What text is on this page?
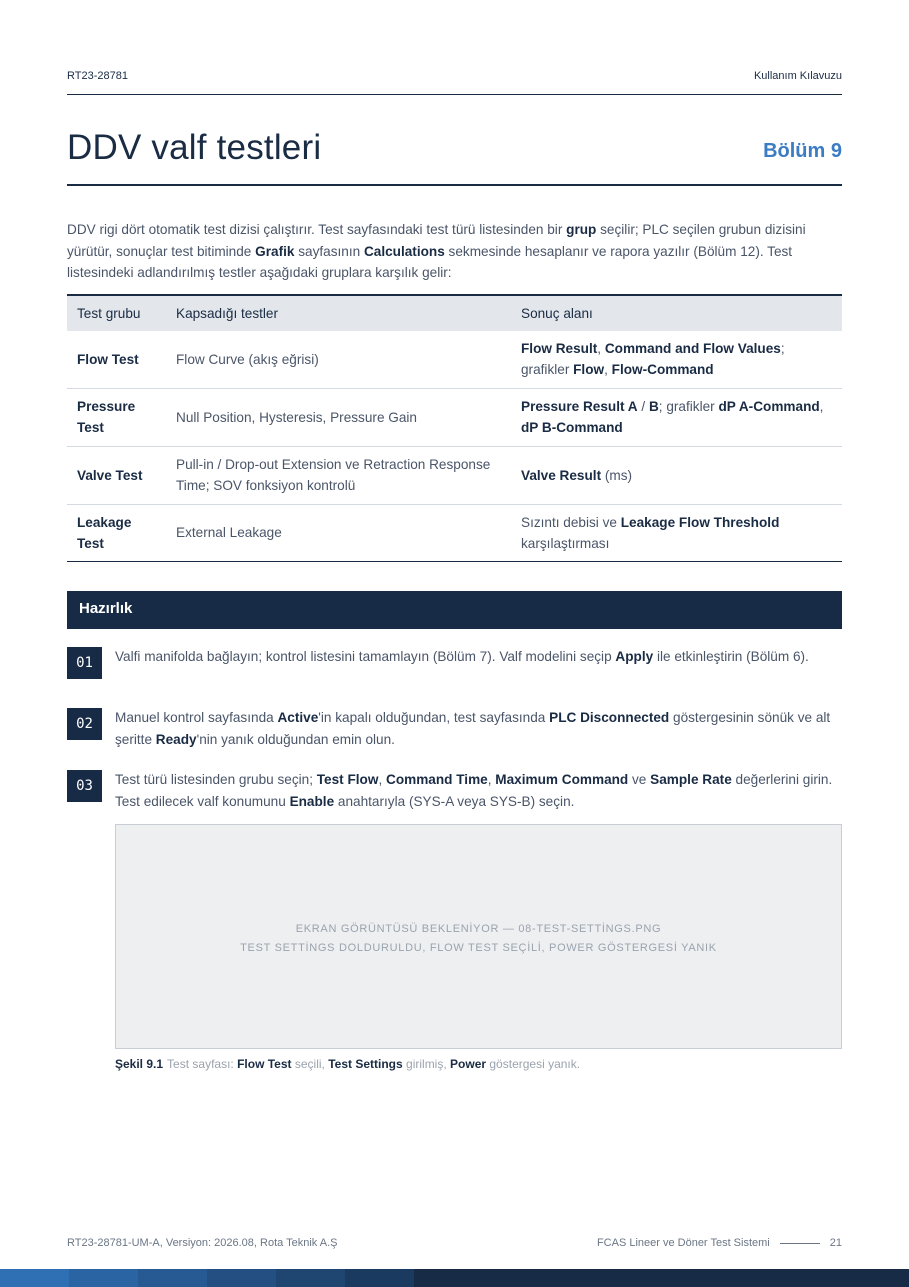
RT23-28781	Kullanım Kılavuzu
DDV valf testleri	Bölüm 9

DDV rigi dört otomatik test dizisi çalıştırır. Test sayfasındaki test türü listesinden bir grup seçilir; PLC seçilen grubun dizisini yürütür, sonuçlar test bitiminde Grafik sayfasının Calculations sekmesinde hesaplanır ve rapora yazılır (Bölüm 12). Test listesindeki adlandırılmış testler aşağıdaki gruplara karşılık gelir:

Test grubu	Kapsadığı testler	Sonuç alanı
Flow Test	Flow Curve (akış eğrisi)	Flow Result, Command and Flow Values; grafikler Flow, Flow-Command
Pressure Test	Null Position, Hysteresis, Pressure Gain	Pressure Result A / B; grafikler dP A-Command, dP B-Command
Valve Test	Pull-in / Drop-out Extension ve Retraction Response Time; SOV fonksiyon kontrolü	Valve Result (ms)
Leakage Test	External Leakage	Sızıntı debisi ve Leakage Flow Threshold karşılaştırması
Hazırlık
01	Valfi manifolda bağlayın; kontrol listesini tamamlayın (Bölüm 7). Valf modelini seçip Apply ile etkinleştirin (Bölüm 6).

02	Manuel kontrol sayfasında Active'in kapalı olduğundan, test sayfasında PLC Disconnected göstergesinin sönük ve alt şeritte Ready'nin yanık olduğundan emin olun.

03	Test türü listesinden grubu seçin; Test Flow, Command Time, Maximum Command ve Sample Rate değerlerini girin. Test edilecek valf konumunu Enable anahtarıyla (SYS-A veya SYS-B) seçin.

EKRAN GÖRÜNTÜSÜ BEKLENİYOR — 08-TEST-SETTİNGS.PNG
TEST SETTİNGS DOLDURULDU, FLOW TEST SEÇİLİ, POWER GÖSTERGESİ YANIK

Şekil 9.1 Test sayfası: Flow Test seçili, Test Settings girilmiş, Power göstergesi yanık.

RT23-28781-UM-A, Versiyon: 2026.08, Rota Teknik A.Ş	FCAS Lineer ve Döner Test Sistemi	21
